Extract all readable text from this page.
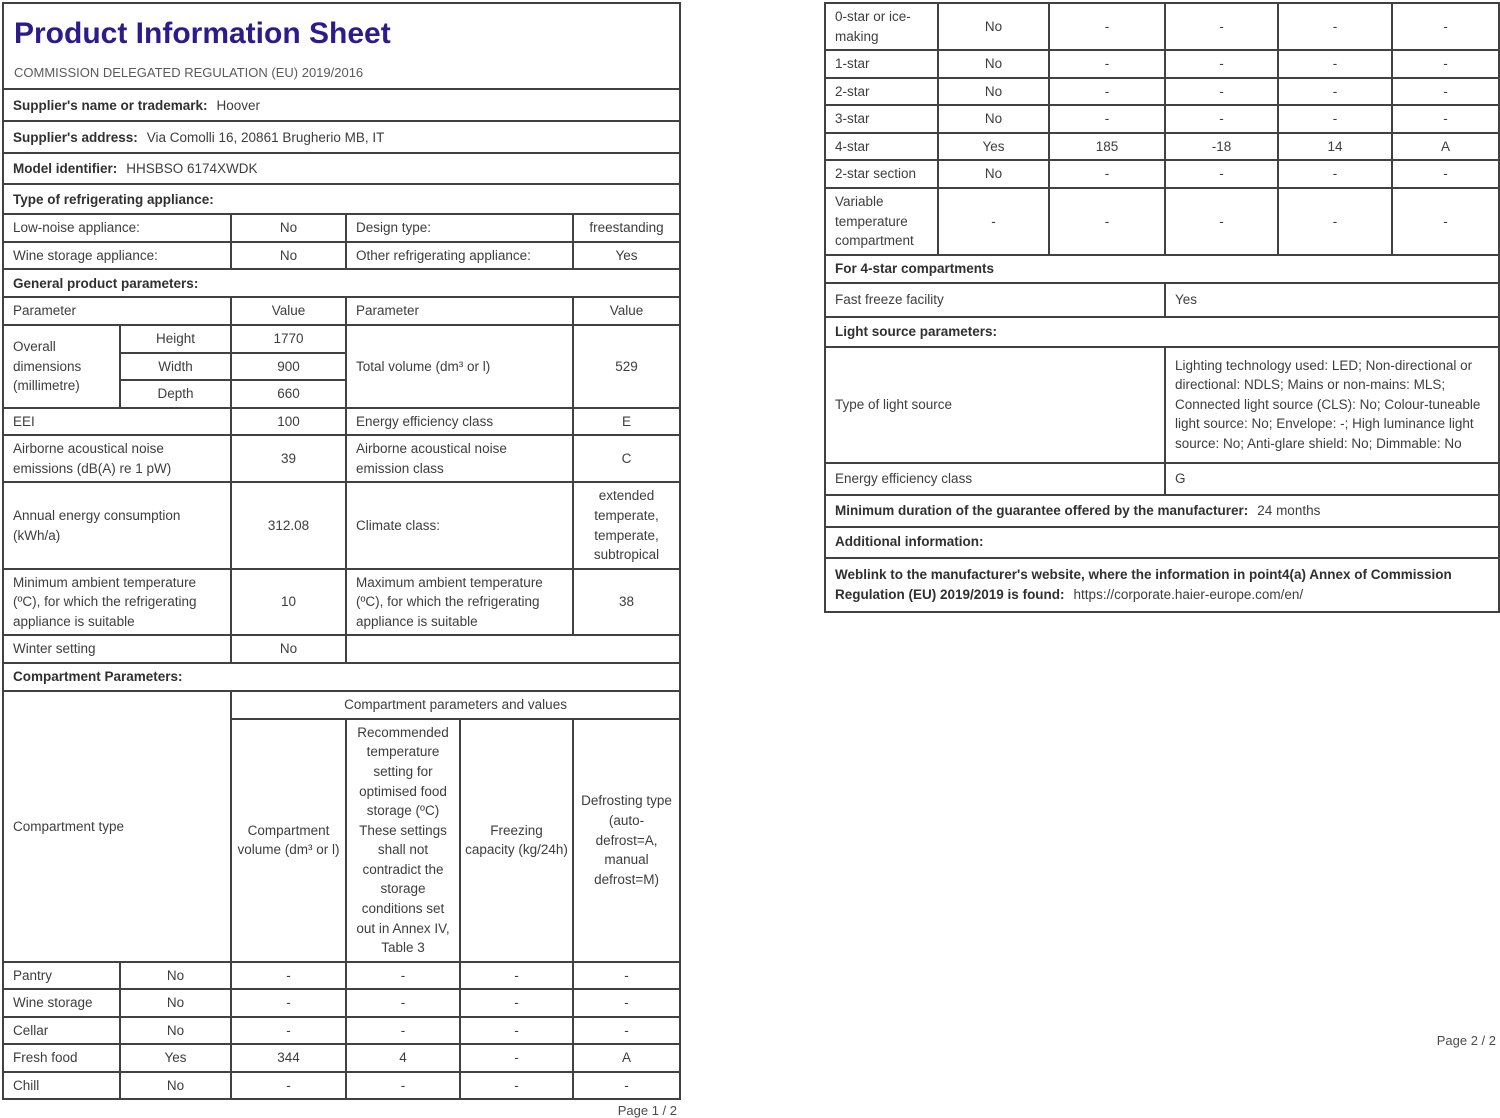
Product Information Sheet
COMMISSION DELEGATED REGULATION (EU) 2019/2016					

Supplier's name or trademark: Hoover					
Supplier's address: Via Comolli 16, 20861 Brugherio MB, IT					
Model identifier: HHSBSO 6174XWDK					
Type of refrigerating appliance:					
Low-noise appliance:		No	Design type:		freestanding
Wine storage appliance:		No	Other refrigerating appliance:		Yes
General product parameters:					
Parameter		Value	Parameter		Value
Overall dimensions (millimetre)	Height	1770	Total volume (dm³ or l)		529
	Width	900			
	Depth	660			
EEI		100	Energy efficiency class		E
Airborne acoustical noise emissions (dB(A) re 1 pW)		39	Airborne acoustical noise emission class		C
Annual energy consumption (kWh/a)		312.08	Climate class:		extended temperate, temperate, subtropical
Minimum ambient temperature (ºC), for which the refrigerating appliance is suitable		10	Maximum ambient temperature (ºC), for which the refrigerating appliance is suitable		38
Winter setting		No			
Compartment Parameters:					
Compartment type		Compartment parameters and values			
		Compartment volume (dm³ or l)	Recommended temperature setting for optimised food storage (ºC) These settings shall not contradict the storage conditions set out in Annex IV, Table 3	Freezing capacity (kg/24h)	Defrosting type (auto-defrost=A, manual defrost=M)
Pantry	No	-	-	-	-
Wine storage	No	-	-	-	-
Cellar	No	-	-	-	-
Fresh food	Yes	344	4	-	A
Chill	No	-	-	-	-
Page 1 / 2
0-star or ice-making	No	-	-	-	-
1-star	No	-	-	-	-
2-star	No	-	-	-	-
3-star	No	-	-	-	-
4-star	Yes	185	-18	14	A
2-star section	No	-	-	-	-
Variable temperature compartment	-	-	-	-	-
For 4-star compartments					
Fast freeze facility			Yes		
Light source parameters:					
Type of light source			Lighting technology used: LED; Non-directional or directional: NDLS; Mains or non-mains: MLS; Connected light source (CLS): No; Colour-tuneable light source: No; Envelope: -; High luminance light source: No; Anti-glare shield: No; Dimmable: No		
Energy efficiency class			G		
Minimum duration of the guarantee offered by the manufacturer: 24 months					
Additional information:					
Weblink to the manufacturer's website, where the information in point4(a) Annex of Commission Regulation (EU) 2019/2019 is found: https://corporate.haier-europe.com/en/					
Page 2 / 2
